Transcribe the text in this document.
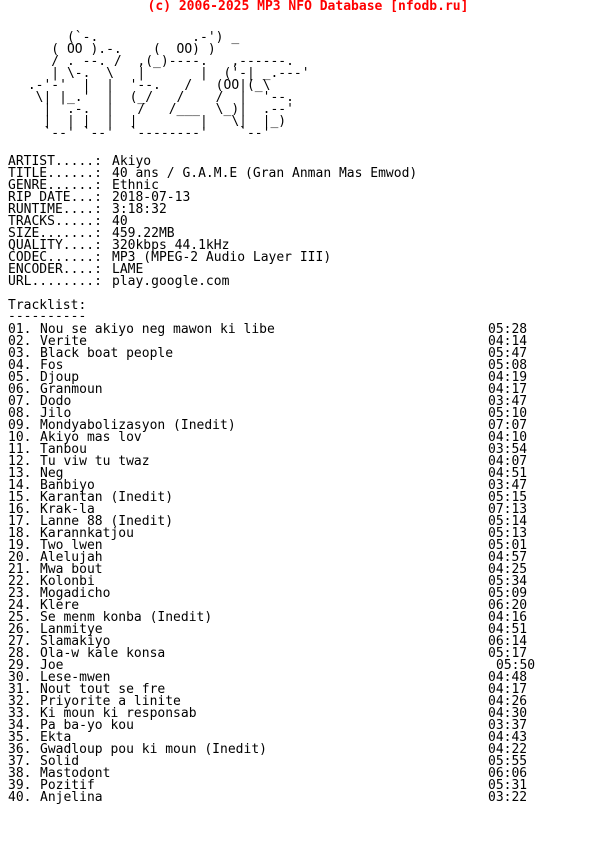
(c) 2006-2025 MP3 NFO Database [nfodb.ru]
(`-.            .-') _
( OO ).-.    (  OO) )
/ . --. /  ,(_)----.   ,------.
| \-.  \   |       |  ('-| _.---'
.-'-'  |  |  '--.   /   (OO|(_\
\| |_.'  |  (_/   /    /  |  '--.
|  .-.  |   /   /___  \_)|  .--'
|  | |  |  |        |   \|  |_)
`--' `--'  `--------'    `--'
ARTIST.....: Akiyo
TITLE......: 40 ans / G.A.M.E (Gran Anman Mas Emwod)
GENRE......: Ethnic
RIP DATE...: 2018-07-13
RUNTIME....: 3:18:32
TRACKS.....: 40
SIZE.......: 459.22MB
QUALITY....: 320kbps 44.1kHz
CODEC......: MP3 (MPEG-2 Audio Layer III)
ENCODER....: LAME
URL........: play.google.com
Tracklist:
----------
01. Nou se akiyo neg mawon ki libe	05:28
02. Verite	04:14
03. Black boat people	05:47
04. Fos	05:08
05. Djoup	04:19
06. Granmoun	04:17
07. Dodo	03:47
08. Jilo	05:10
09. Mondyabolizasyon (Inedit)	07:07
10. Akiyo mas lov	04:10
11. Tanbou	03:54
12. Tu viw tu twaz	04:07
13. Neg	04:51
14. Banbiyo	03:47
15. Karantan (Inedit)	05:15
16. Krak-la	07:13
17. Lanne 88 (Inedit)	05:14
18. Karannkatjou	05:13
19. Two lwen	05:01
20. Alelujah	04:57
21. Mwa bout	04:25
22. Kolonbi	05:34
23. Mogadicho	05:09
24. Klere	06:20
25. Se menm konba (Inedit)	04:16
26. Lanmitye	04:51
27. Slamakiyo	06:14
28. Ola-w kale konsa	05:17
29. Joe	05:50
30. Lese-mwen	04:48
31. Nout tout se fre	04:17
32. Priyorite a linite	04:26
33. Ki moun ki responsab	04:30
34. Pa ba-yo kou	03:37
35. Ekta	04:43
36. Gwadloup pou ki moun (Inedit)	04:22
37. Solid	05:55
38. Mastodont	06:06
39. Pozitif	05:31
40. Anjelina	03:22
